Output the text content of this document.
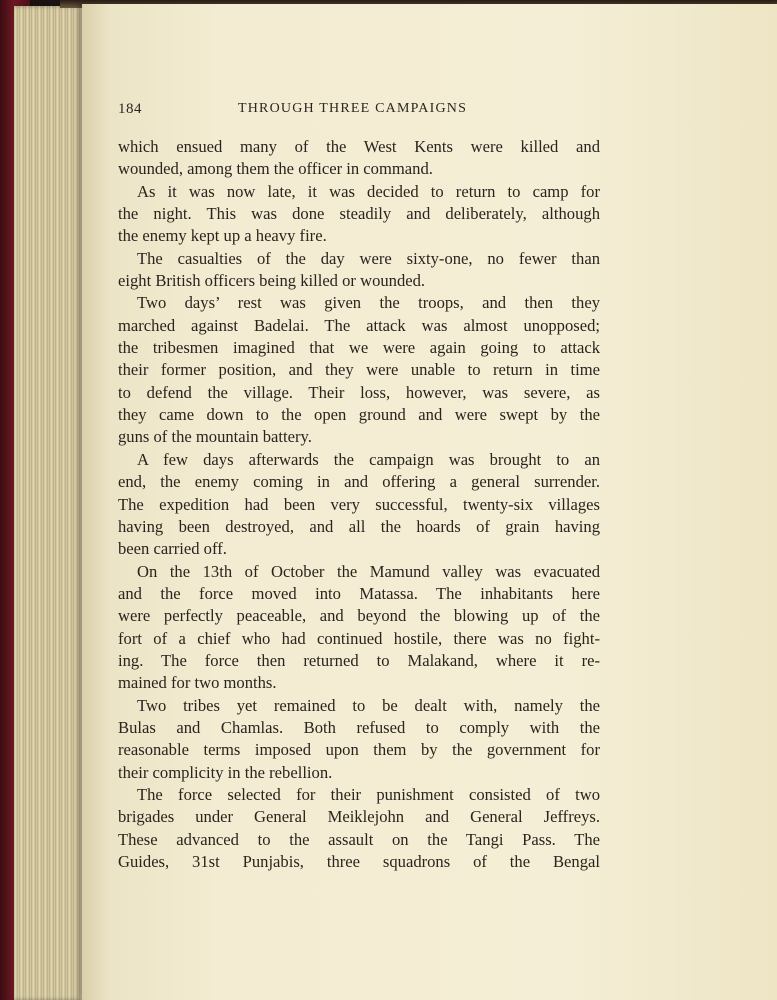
184	THROUGH THREE CAMPAIGNS
which ensued many of the West Kents were killed and
wounded, among them the officer in command.
As it was now late, it was decided to return to camp for
the night. This was done steadily and deliberately, although
the enemy kept up a heavy fire.
The casualties of the day were sixty-one, no fewer than
eight British officers being killed or wounded.
Two days’ rest was given the troops, and then they
marched against Badelai. The attack was almost unopposed;
the tribesmen imagined that we were again going to attack
their former position, and they were unable to return in time
to defend the village. Their loss, however, was severe, as
they came down to the open ground and were swept by the
guns of the mountain battery.
A few days afterwards the campaign was brought to an
end, the enemy coming in and offering a general surrender.
The expedition had been very successful, twenty-six villages
having been destroyed, and all the hoards of grain having
been carried off.
On the 13th of October the Mamund valley was evacuated
and the force moved into Matassa. The inhabitants here
were perfectly peaceable, and beyond the blowing up of the
fort of a chief who had continued hostile, there was no fight-
ing. The force then returned to Malakand, where it re-
mained for two months.
Two tribes yet remained to be dealt with, namely the
Bulas and Chamlas. Both refused to comply with the
reasonable terms imposed upon them by the government for
their complicity in the rebellion.
The force selected for their punishment consisted of two
brigades under General Meiklejohn and General Jeffreys.
These advanced to the assault on the Tangi Pass. The
Guides, 31st Punjabis, three squadrons of the Bengal
